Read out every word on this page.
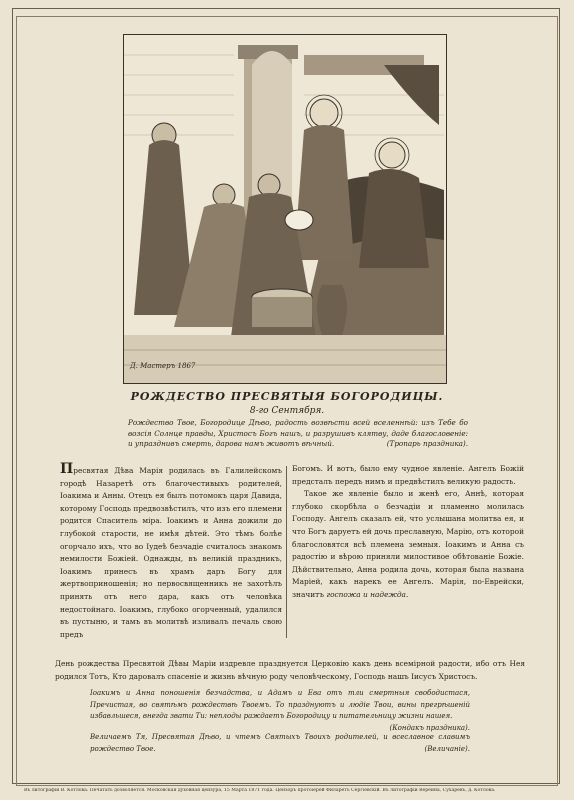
Д. Мастеръ 1867
РОЖДЕСТВО ПРЕСВЯТЫЯ БОГОРОДИЦЫ.
8-го Сентября.
Рождество Твое, Богородице Дѣво, радость возвѣсти всей вселеннѣй: изъ Тебе бо возсія Солнце правды, Христосъ Богъ нашъ, и разрушивъ клятву, даде благословеніе: и упразднивъ смерть, дарова намъ животъ вѣчный.	(Тропарь праздника).

Пресвятая Дѣва Марія родилась въ Галилейскомъ городѣ Назаретѣ отъ благочестивыхъ родителей, Іоакима и Анны. Отецъ ея былъ потомокъ царя Давида, которому Господь предвозвѣстилъ, что изъ его племени родится Спаситель міра. Іоакимъ и Анна дожили до глубокой старости, не имѣя дѣтей. Это тѣмъ болѣе огорчало ихъ, что во Іудеѣ безчадіе считалось знакомъ немилости Божіей. Однажды, въ великій праздникъ, Іоакимъ принесъ въ храмъ даръ Богу для жертвоприношенія; но первосвященникъ не захотѣлъ принять отъ него дара, какъ отъ человѣка недостойнаго. Іоакимъ, глубоко огорченный, удалился въ пустыню, и тамъ въ молитвѣ изливалъ печаль свою предъ

Богомъ. И вотъ, было ему чудное явленіе. Ангелъ Божій предсталъ передъ нимъ и предвѣстилъ великую радость.

Такое же явленіе было и женѣ его, Аннѣ, которая глубоко скорбѣла о безчадіи и пламенно молилась Господу. Ангелъ сказалъ ей, что услышана молитва ея, и что Богъ даруетъ ей дочь преславную, Марію, отъ которой благословятся всѣ племена земныя. Іоакимъ и Анна съ радостію и вѣрою приняли милостивое обѣтованіе Божіе. Дѣйствительно, Анна родила дочь, которая была названа Маріей, какъ нарекъ ее Ангелъ. Марія, по-Еврейски, значитъ госпожа и надежда.

День рождества Пресвятой Дѣвы Маріи издревле празднуется Церковію какъ день всемірной радости, ибо отъ Нея родился Тотъ, Кто даровалъ спасеніе и жизнь вѣчную роду человѣческому, Господь нашъ Іисусъ Христосъ.
Іоакимъ и Анна поношенія безчадства, и Адамъ и Ева отъ тли смертныя свободистася, Пречистая, во святѣмъ рождествѣ Твоемъ. То празднуютъ и людіе Твои, вины прегрѣшеній избавльшеся, внегда звати Ти: неплоды раждаетъ Богородицу и питательницу жизни нашея.
(Кондакъ праздника).
Величаемъ Тя, Пресвятая Дѣво, и чтемъ Святыхъ Твоихъ родителей, и всеславное славимъ рождество Твое.	(Величаніе).
Въ литографіи В. Котлова. Печатать дозволяется. Московская духовная цензура, 15 Марта 1871 года. Цензоръ протоіерей Филаретъ Сергіевскій. Въ литографіи Вереина, Сухаревъ, д. Котлова.
